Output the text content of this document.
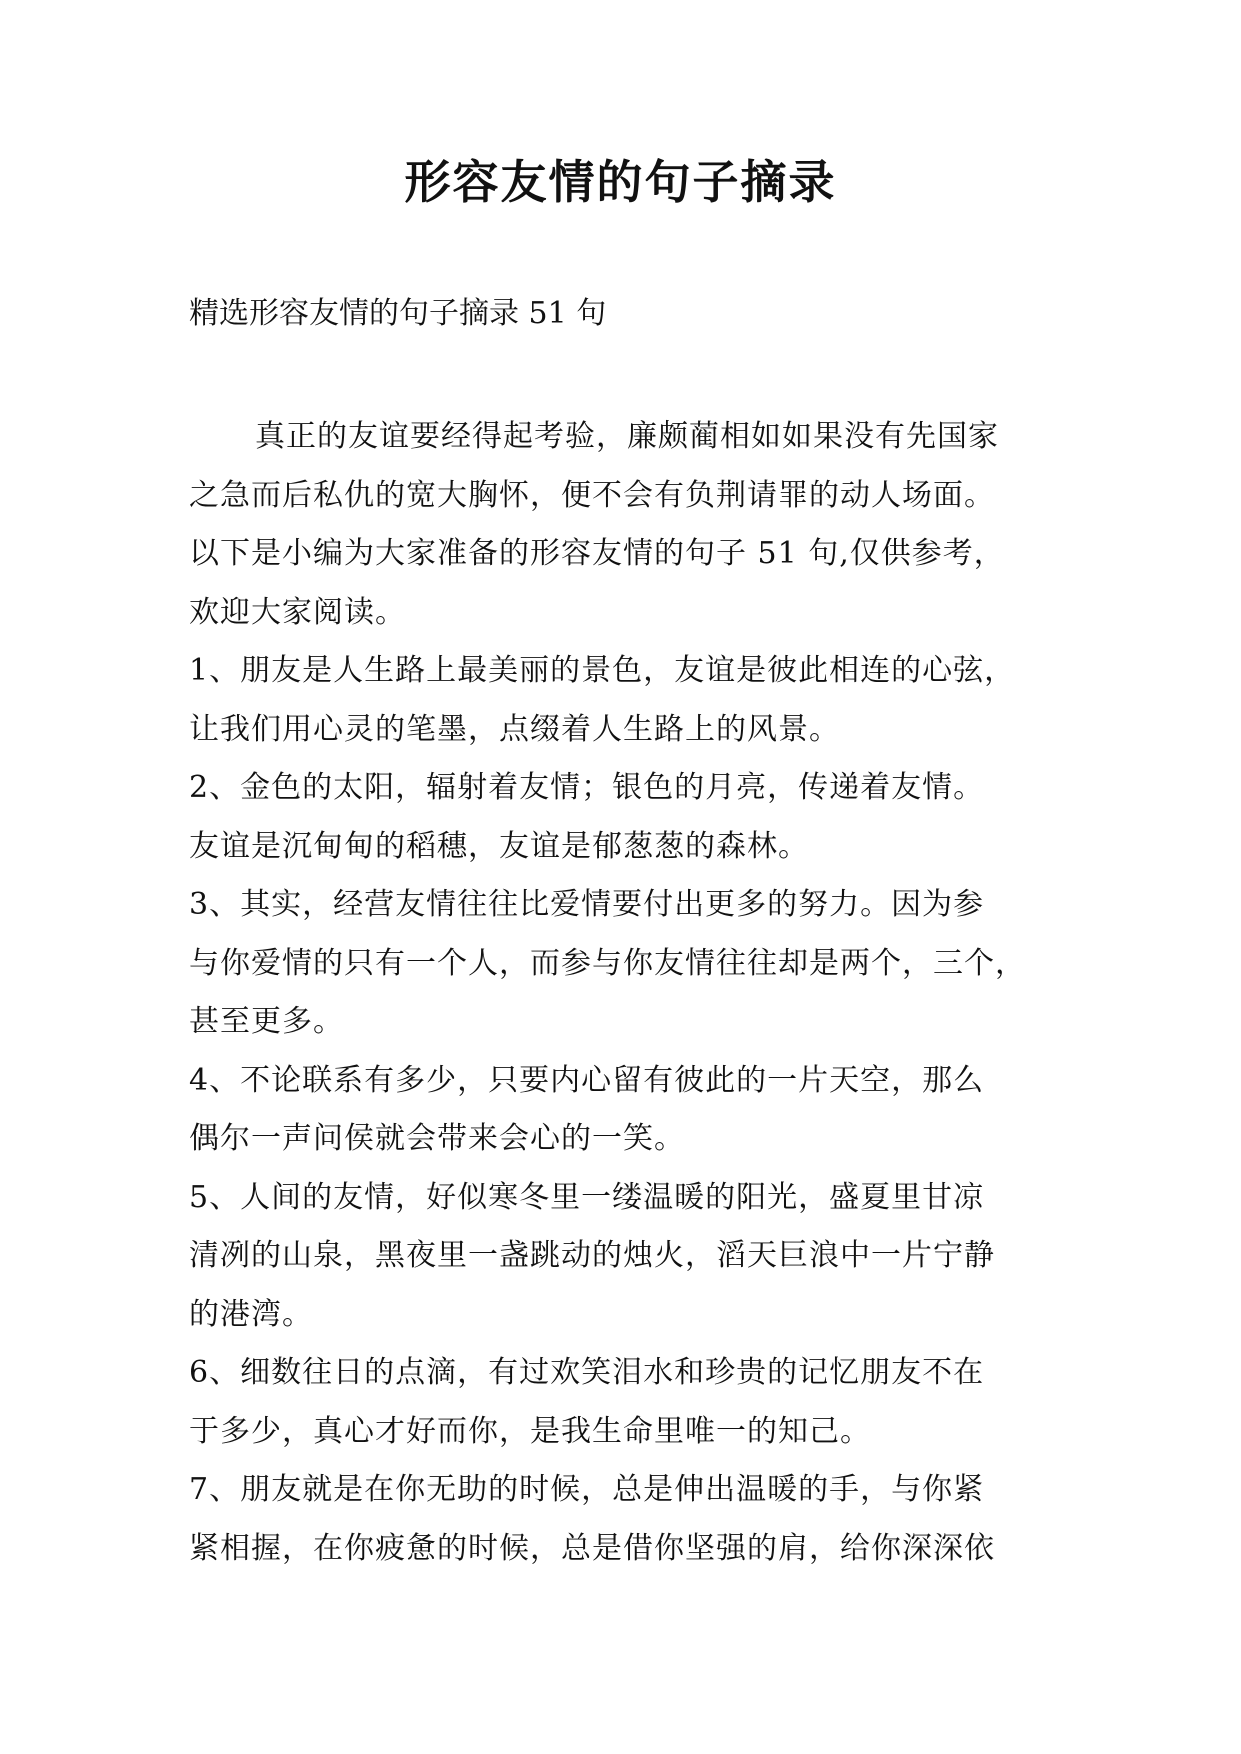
形容友情的句子摘录
精选形容友情的句子摘录 51 句
真正的友谊要经得起考验，廉颇蔺相如如果没有先国家
之急而后私仇的宽大胸怀，便不会有负荆请罪的动人场面。
以下是小编为大家准备的形容友情的句子 51 句,仅供参考，
欢迎大家阅读。
1、朋友是人生路上最美丽的景色，友谊是彼此相连的心弦，
让我们用心灵的笔墨，点缀着人生路上的风景。
2、金色的太阳，辐射着友情；银色的月亮，传递着友情。
友谊是沉甸甸的稻穗，友谊是郁葱葱的森林。
3、其实，经营友情往往比爱情要付出更多的努力。因为参
与你爱情的只有一个人，而参与你友情往往却是两个，三个，
甚至更多。
4、不论联系有多少，只要内心留有彼此的一片天空，那么
偶尔一声问侯就会带来会心的一笑。
5、人间的友情，好似寒冬里一缕温暖的阳光，盛夏里甘凉
清冽的山泉，黑夜里一盏跳动的烛火，滔天巨浪中一片宁静
的港湾。
6、细数往日的点滴，有过欢笑泪水和珍贵的记忆朋友不在
于多少，真心才好而你，是我生命里唯一的知己。
7、朋友就是在你无助的时候，总是伸出温暖的手，与你紧
紧相握，在你疲惫的时候，总是借你坚强的肩，给你深深依
